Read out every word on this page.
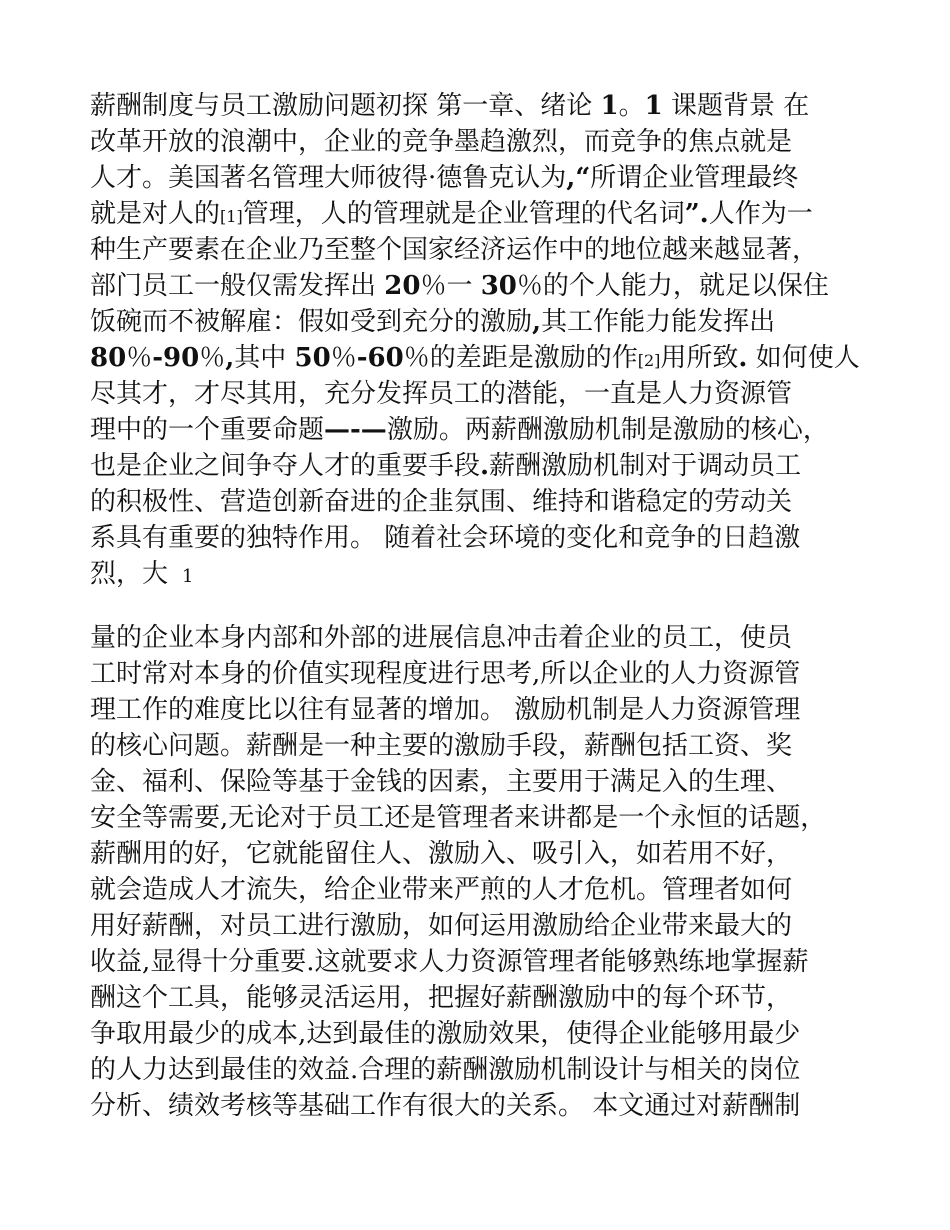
薪酬制度与员工激励问题初探 第一章、绪论 1。1 课题背景 在
改革开放的浪潮中，企业的竞争墨趋激烈，而竞争的焦点就是
人才。美国著名管理大师彼得·德鲁克认为,“所谓企业管理最终
就是对人的[1]管理，人的管理就是企业管理的代名词”.人作为一
种生产要素在企业乃至整个国家经济运作中的地位越来越显著，
部门员工一般仅需发挥出 20％一 30％的个人能力，就足以保住
饭碗而不被解雇：假如受到充分的激励,其工作能力能发挥出
80％-90％,其中 50％-60％的差距是激励的作[2]用所致. 如何使人
尽其才，才尽其用，充分发挥员工的潜能，一直是人力资源管
理中的一个重要命题—-—激励。两薪酬激励机制是激励的核心，
也是企业之间争夺人才的重要手段.薪酬激励机制对于调动员工
的积极性、营造创新奋进的企韭氛围、维持和谐稳定的劳动关
系具有重要的独特作用。 随着社会环境的变化和竞争的日趋激
烈，大 1
量的企业本身内部和外部的进展信息冲击着企业的员工，使员
工时常对本身的价值实现程度进行思考,所以企业的人力资源管
理工作的难度比以往有显著的增加。 激励机制是人力资源管理
的核心问题。薪酬是一种主要的激励手段，薪酬包括工资、奖
金、福利、保险等基于金钱的因素，主要用于满足入的生理、
安全等需要,无论对于员工还是管理者来讲都是一个永恒的话题，
薪酬用的好，它就能留住人、激励入、吸引入，如若用不好，
就会造成人才流失，给企业带来严煎的人才危机。管理者如何
用好薪酬，对员工进行激励，如何运用激励给企业带来最大的
收益,显得十分重要.这就要求人力资源管理者能够熟练地掌握薪
酬这个工具，能够灵活运用，把握好薪酬激励中的每个环节，
争取用最少的成本,达到最佳的激励效果，使得企业能够用最少
的人力达到最佳的效益.合理的薪酬激励机制设计与相关的岗位
分析、绩效考核等基础工作有很大的关系。 本文通过对薪酬制
